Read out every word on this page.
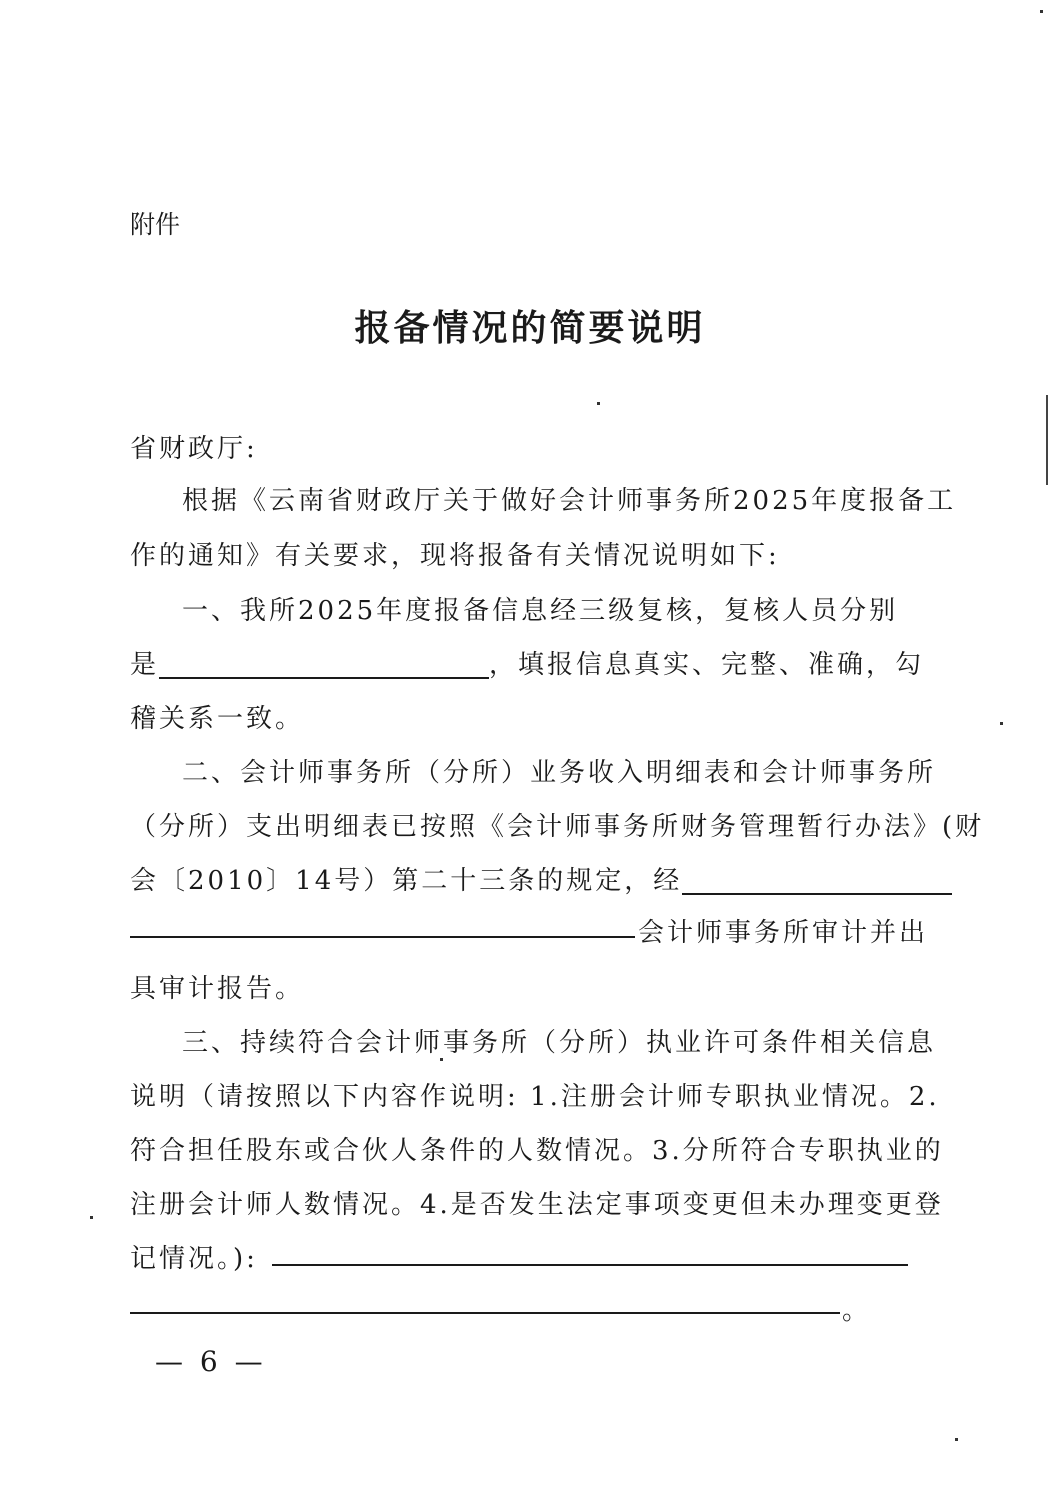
附件
报备情况的简要说明
省财政厅:
根据《云南省财政厅关于做好会计师事务所2025年度报备工
作的通知》有关要求，现将报备有关情况说明如下:
一、我所2025年度报备信息经三级复核，复核人员分别
是	，填报信息真实、完整、准确，勾
稽关系一致。
二、会计师事务所（分所）业务收入明细表和会计师事务所
（分所）支出明细表已按照《会计师事务所财务管理暂行办法》(财
会〔2010〕14号）第二十三条的规定，经
会计师事务所审计并出
具审计报告。
三、持续符合会计师事务所（分所）执业许可条件相关信息
说明（请按照以下内容作说明: 1.注册会计师专职执业情况。2.
符合担任股东或合伙人条件的人数情况。3.分所符合专职执业的
注册会计师人数情况。4.是否发生法定事项变更但未办理变更登
记情况。):
。
— 6 —
